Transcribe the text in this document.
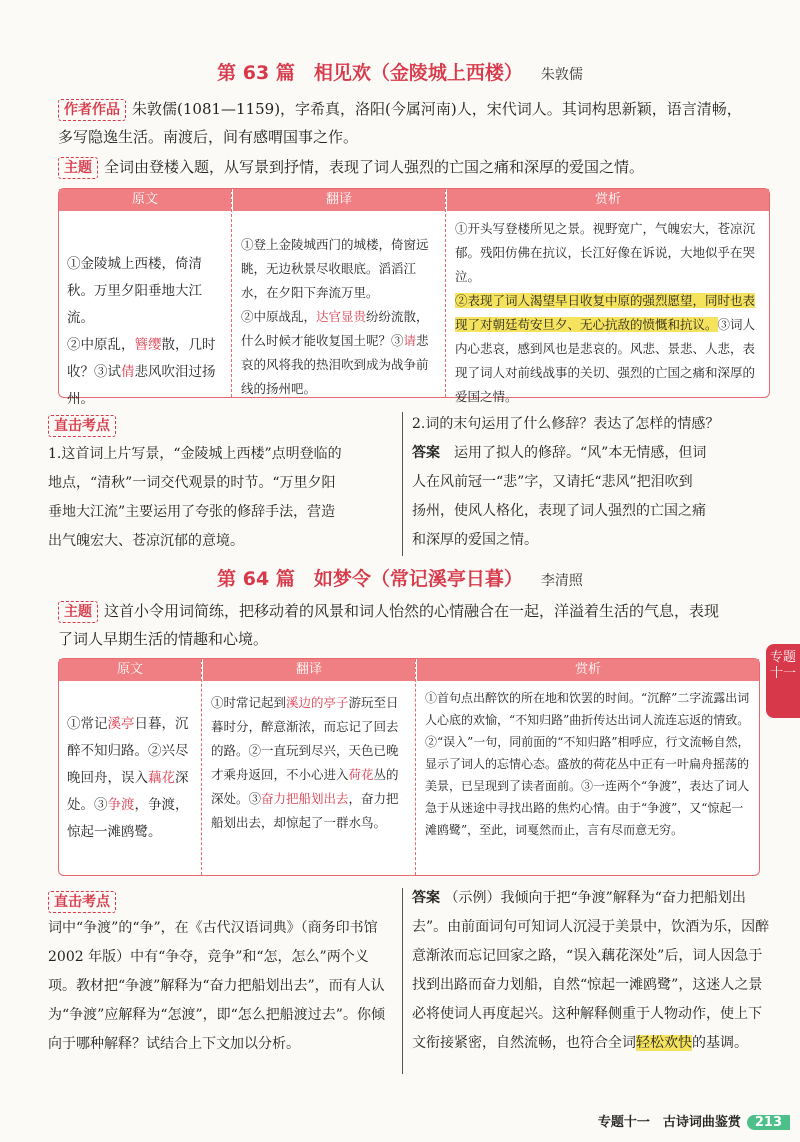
第 63 篇　相见欢（金陵城上西楼） 朱敦儒
作者作品 朱敦儒(1081—1159)，字希真，洛阳(今属河南)人，宋代词人。其词构思新颖，语言清畅，
多写隐逸生活。南渡后，间有感喟国事之作。
主题 全词由登楼入题，从写景到抒情，表现了词人强烈的亡国之痛和深厚的爱国之情。
原文
①金陵城上西楼，倚清秋。万里夕阳垂地大江流。
②中原乱，簪缨散，几时收？③试倩悲风吹泪过扬州。
翻译
①登上金陵城西门的城楼，倚窗远眺，无边秋景尽收眼底。滔滔江水，在夕阳下奔流万里。
②中原战乱，达官显贵纷纷流散，什么时候才能收复国土呢？③请悲哀的风将我的热泪吹到成为战争前线的扬州吧。
赏析
①开头写登楼所见之景。视野宽广，气魄宏大，苍凉沉郁。残阳仿佛在抗议，长江好像在诉说，大地似乎在哭泣。
②表现了词人渴望早日收复中原的强烈愿望，同时也表现了对朝廷苟安旦夕、无心抗敌的愤慨和抗议。③词人内心悲哀，感到风也是悲哀的。风悲、景悲、人悲，表现了词人对前线战事的关切、强烈的亡国之痛和深厚的爱国之情。
直击考点
1.这首词上片写景，“金陵城上西楼”点明登临的
地点，“清秋”一词交代观景的时节。“万里夕阳
垂地大江流”主要运用了夸张的修辞手法，营造
出气魄宏大、苍凉沉郁的意境。
2.词的末句运用了什么修辞？表达了怎样的情感？
答案　 运用了拟人的修辞。“风”本无情感，但词
人在风前冠一“悲”字，又请托“悲风”把泪吹到
扬州，使风人格化，表现了词人强烈的亡国之痛
和深厚的爱国之情。
第 64 篇　如梦令（常记溪亭日暮） 李清照
主题 这首小令用词简练，把移动着的风景和词人怡然的心情融合在一起，洋溢着生活的气息，表现
了词人早期生活的情趣和心境。
原文
①常记溪亭日暮，沉醉不知归路。②兴尽晚回舟，误入藕花深处。③争渡，争渡，惊起一滩鸥鹭。
翻译
①时常记起到溪边的亭子游玩至日暮时分，醉意渐浓，而忘记了回去的路。②一直玩到尽兴，天色已晚才乘舟返回，不小心进入荷花丛的深处。③奋力把船划出去，奋力把船划出去，却惊起了一群水鸟。
赏析
①首句点出醉饮的所在地和饮罢的时间。“沉醉”二字流露出词人心底的欢愉，“不知归路”曲折传达出词人流连忘返的情致。②“误入”一句，同前面的“不知归路”相呼应，行文流畅自然，显示了词人的忘情心态。盛放的荷花丛中正有一叶扁舟摇荡的美景，已呈现到了读者面前。③一连两个“争渡”，表达了词人急于从迷途中寻找出路的焦灼心情。由于“争渡”，又“惊起一滩鸥鹭”，至此，词戛然而止，言有尽而意无穷。
直击考点
词中“争渡”的“争”，在《古代汉语词典》（商务印书馆 2002 年版）中有“争夺，竞争”和“怎，怎么”两个义项。教材把“争渡”解释为“奋力把船划出去”，而有人认为“争渡”应解释为“怎渡”，即“怎么把船渡过去”。你倾向于哪种解释？试结合上下文加以分析。
答案 （示例）我倾向于把“争渡”解释为“奋力把船划出去”。由前面词句可知词人沉浸于美景中，饮酒为乐，因醉意渐浓而忘记回家之路，“误入藕花深处”后，词人因急于找到出路而奋力划船，自然“惊起一滩鸥鹭”，这迷人之景必将使词人再度起兴。这种解释侧重于人物动作，使上下文衔接紧密，自然流畅，也符合全词轻松欢快的基调。
专题十一
专题十一　古诗词曲鉴赏 213
